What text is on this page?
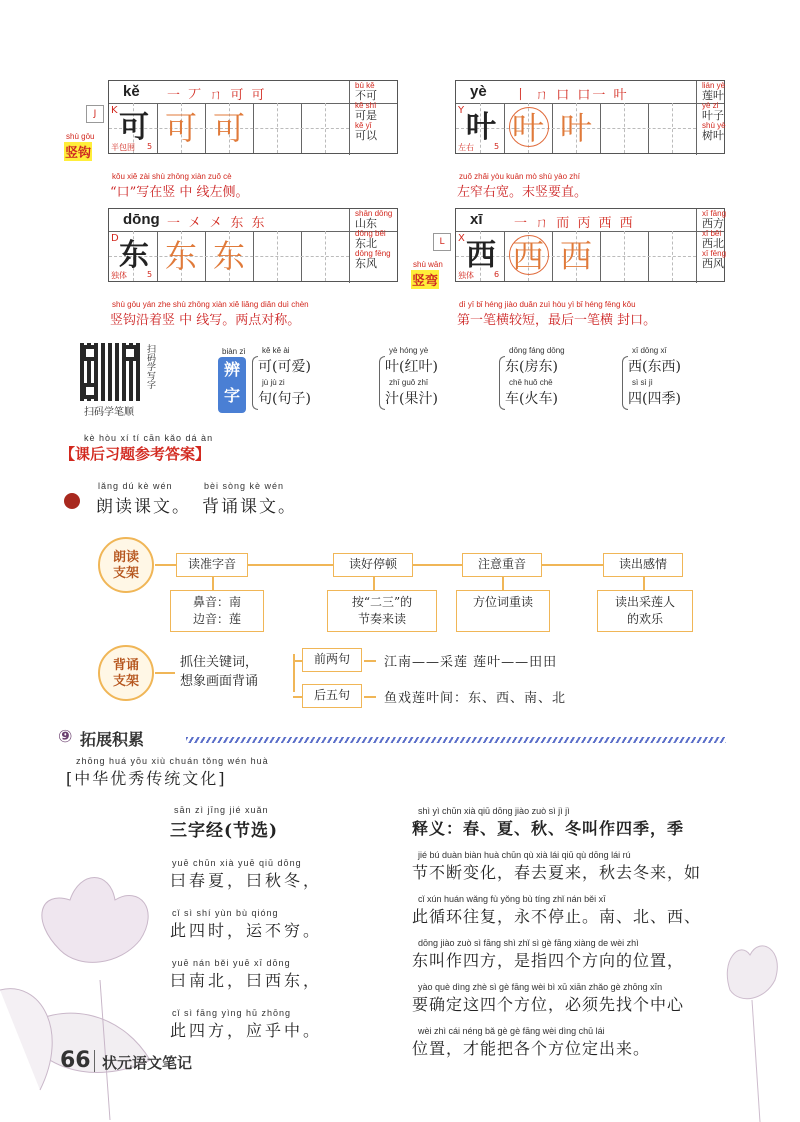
扫码学写字
扫码学笔顺
biàn zì
辨
字
kè hòu xí tí cān kǎo dá àn
【课后习题参考答案】
lǎng dú kè wén
朗读课文。
bèi sòng kè wén
背诵课文。
朗读
支架
背诵
支架
抓住关键词，
想象画面背诵
⑨ 拓展积累
zhōng huá yōu xiù chuán tǒng wén huà
[中华优秀传统文化]
sān zì jīng jié xuǎn
三字经(节选)
66 状元语文笔记
kě 一 丆 ㄇ 可 可
可
K
半包围 5 可 可
bù kě
不可
kě shì
可是
kě yǐ
可以
J
shù gōu
竖钩
kǒu xiě zài shù zhōng xiàn zuǒ cè
“口”写在竖 中 线左侧。
yè 丨 ㄇ 口 口一 叶
叶
Y
左右	5 叶 叶
lián yè
莲叶
yè zi
叶子
shù yè
树叶
zuǒ zhǎi yòu kuān mò shù yào zhí
左窄右宽。末竖要直。
dōng 一 㐅 㐅 东 东
东
D
独体	5 东 东
shān dōng
山东
dōng běi
东北
dōng fēng
东风
shù gōu yán zhe shù zhōng xiàn xiě liǎng diǎn duì chèn
竖钩沿着竖 中 线写。两点对称。
xī 一 ㄇ 而 丙 西 西
西
X
独体	6 西 西
xī fāng
西方
xī běi
西北
xī fēng
西风
L
shù wān
竖弯
dì yī bǐ héng jiào duǎn zuì hòu yì bǐ héng fēng kǒu
第一笔横较短，最后一笔横 封口。
kě kě ài
可(可爱)
jù jù zi
句(句子)
yè hóng yè
叶(红叶)
zhī guǒ zhī
汁(果汁)
dōng fáng dōng
东(房东)
chē huǒ chē
车(火车)
xī dōng xī
西(东西)
sì sì jì
四(四季)
读准字音
鼻音：南
边音：莲
读好停顿
按“二三”的
节奏来读
注意重音
方位词重读
读出感情
读出采莲人
的欢乐
前两句	江南——采莲 莲叶——田田
后五句	鱼戏莲叶间：东、西、南、北
yuē chūn xià yuē qiū dōng
曰春夏，曰秋冬，
cǐ sì shí yùn bù qióng
此四时，运不穷。
yuē nán běi yuē xī dōng
曰南北，曰西东，
cǐ sì fāng yìng hū zhōng
此四方，应乎中。
shì yì chūn xià qiū dōng jiào zuò sì jì jì
释义：春、夏、秋、冬叫作四季，季
jié bú duàn biàn huà chūn qù xià lái qiū qù dōng lái rú
节不断变化，春去夏来，秋去冬来，如
cǐ xún huán wǎng fù yǒng bù tíng zhǐ nán běi xī
此循环往复，永不停止。南、北、西、
dōng jiào zuò sì fāng shì zhǐ sì gè fāng xiàng de wèi zhì
东叫作四方，是指四个方向的位置，
yào què dìng zhè sì gè fāng wèi bì xū xiān zhǎo gè zhōng xīn
要确定这四个方位，必须先找个中心
wèi zhì cái néng bǎ gè gè fāng wèi dìng chū lái
位置，才能把各个方位定出来。
